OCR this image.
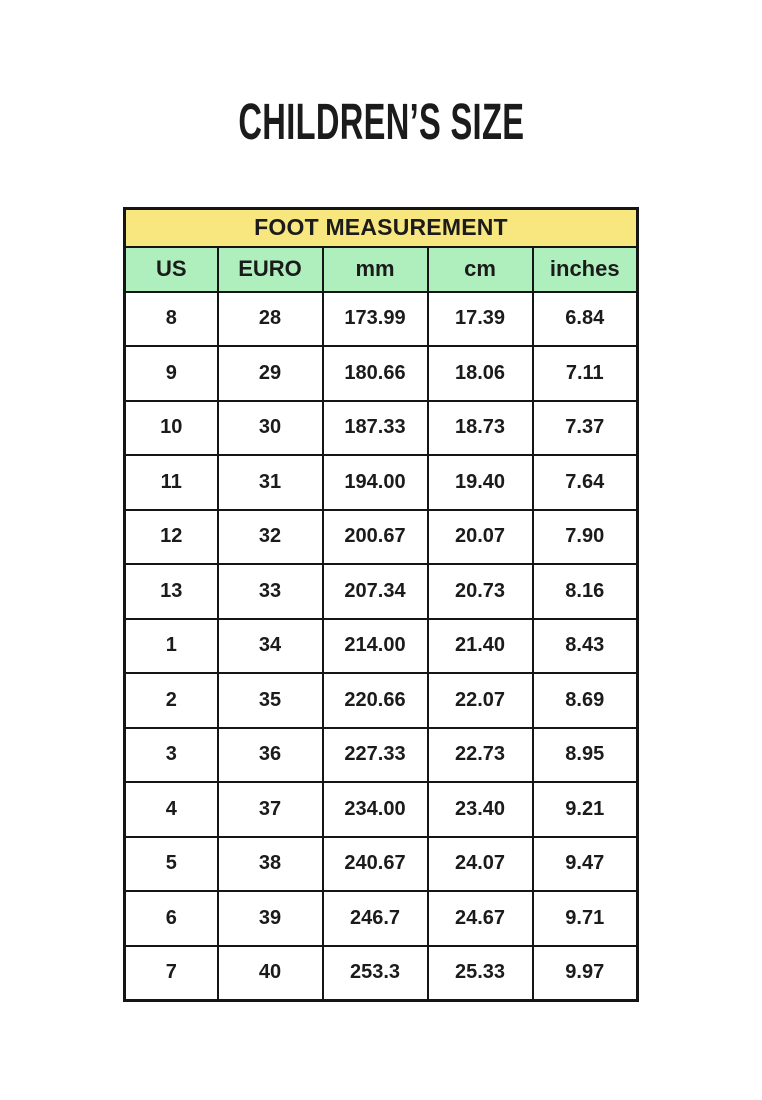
CHILDREN’S SIZE
FOOT MEASUREMENT				
US	EURO	mm	cm	inches
8	28	173.99	17.39	6.84
9	29	180.66	18.06	7.11
10	30	187.33	18.73	7.37
11	31	194.00	19.40	7.64
12	32	200.67	20.07	7.90
13	33	207.34	20.73	8.16
1	34	214.00	21.40	8.43
2	35	220.66	22.07	8.69
3	36	227.33	22.73	8.95
4	37	234.00	23.40	9.21
5	38	240.67	24.07	9.47
6	39	246.7	24.67	9.71
7	40	253.3	25.33	9.97
